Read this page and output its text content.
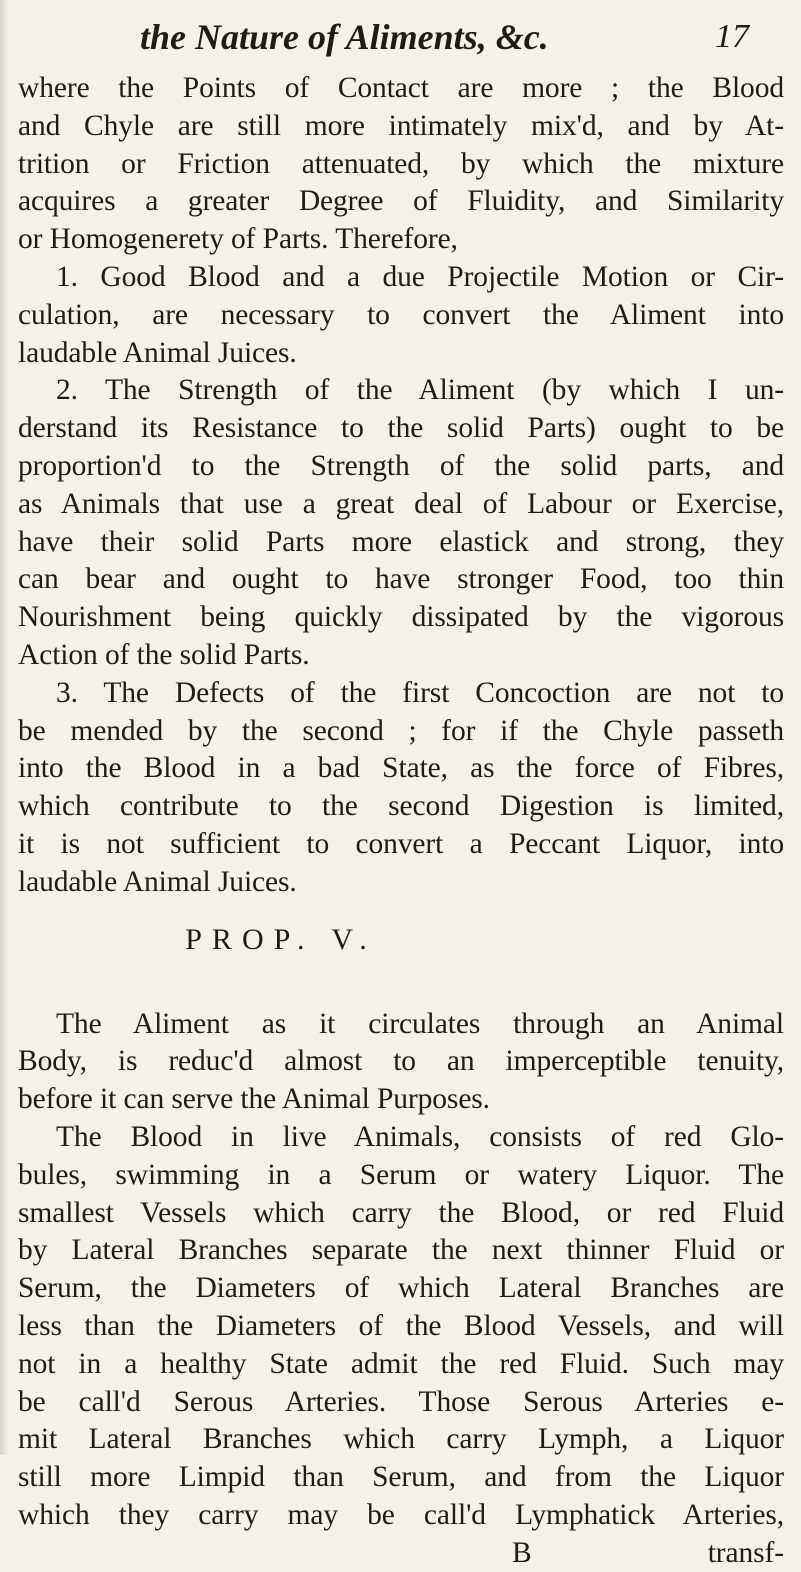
the Nature of Aliments, &c.	17
where the Points of Contact are more ; the Blood
and Chyle are still more intimately mix'd, and by At-
trition or Friction attenuated, by which the mixture
acquires a greater Degree of Fluidity, and Similarity
or Homogenerety of Parts. Therefore,
1. Good Blood and a due Projectile Motion or Cir-
culation, are necessary to convert the Aliment into
laudable Animal Juices.
2. The Strength of the Aliment (by which I un-
derstand its Resistance to the solid Parts) ought to be
proportion'd to the Strength of the solid parts, and
as Animals that use a great deal of Labour or Exercise,
have their solid Parts more elastick and strong, they
can bear and ought to have stronger Food, too thin
Nourishment being quickly dissipated by the vigorous
Action of the solid Parts.
3. The Defects of the first Concoction are not to
be mended by the second ; for if the Chyle passeth
into the Blood in a bad State, as the force of Fibres,
which contribute to the second Digestion is limited,
it is not sufficient to convert a Peccant Liquor, into
laudable Animal Juices.
PROP. V.
The Aliment as it circulates through an Animal
Body, is reduc'd almost to an imperceptible tenuity,
before it can serve the Animal Purposes.
The Blood in live Animals, consists of red Glo-
bules, swimming in a Serum or watery Liquor. The
smallest Vessels which carry the Blood, or red Fluid
by Lateral Branches separate the next thinner Fluid or
Serum, the Diameters of which Lateral Branches are
less than the Diameters of the Blood Vessels, and will
not in a healthy State admit the red Fluid. Such may
be call'd Serous Arteries. Those Serous Arteries e-
mit Lateral Branches which carry Lymph, a Liquor
still more Limpid than Serum, and from the Liquor
which they carry may be call'd Lymphatick Arteries,
B	transf-
